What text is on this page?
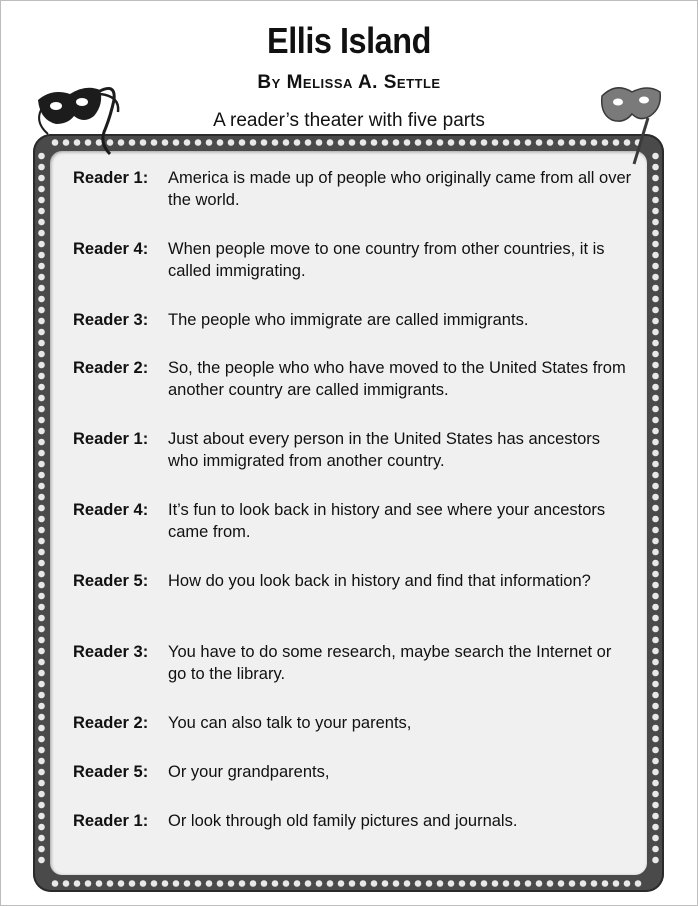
Ellis Island
By Melissa A. Settle
A reader’s theater with five parts
Reader 1:	America is made up of people who originally came from all over the world.
Reader 4:	When people move to one country from other countries, it is called immigrating.
Reader 3:	The people who immigrate are called immigrants.
Reader 2:	So, the people who who have moved to the United States from another country are called immigrants.
Reader 1:	Just about every person in the United States has ancestors who immigrated from another country.
Reader 4:	It’s fun to look back in history and see where your ancestors came from.
Reader 5:	How do you look back in history and find that information?
Reader 3:	You have to do some research, maybe search the Internet or go to the library.
Reader 2:	You can also talk to your parents,
Reader 5:	Or your grandparents,
Reader 1:	Or look through old family pictures and journals.
